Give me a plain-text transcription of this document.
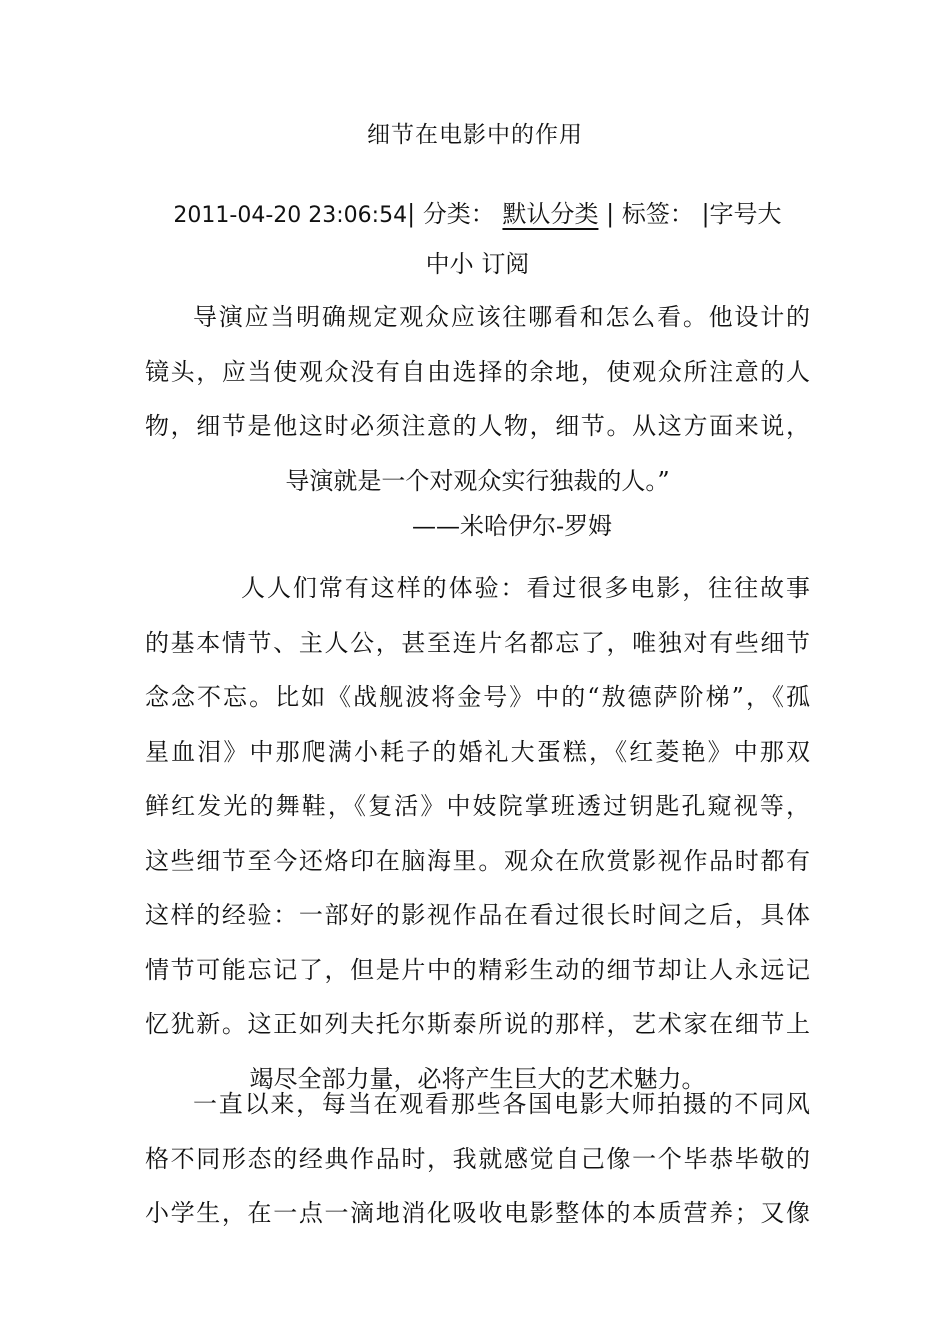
细节在电影中的作用
2011-04-20 23:06:54| 分类： 默认分类 | 标签： |字号大
中小 订阅
导演应当明确规定观众应该往哪看和怎么看。他设计的
镜头，应当使观众没有自由选择的余地，使观众所注意的人
物，细节是他这时必须注意的人物，细节。从这方面来说，
导演就是一个对观众实行独裁的人。”
——米哈伊尔-罗姆
人人们常有这样的体验：看过很多电影，往往故事
的基本情节、主人公，甚至连片名都忘了，唯独对有些细节
念念不忘。比如《战舰波将金号》中的“敖德萨阶梯”，《孤
星血泪》中那爬满小耗子的婚礼大蛋糕，《红菱艳》中那双
鲜红发光的舞鞋，《复活》中妓院掌班透过钥匙孔窥视等，
这些细节至今还烙印在脑海里。观众在欣赏影视作品时都有
这样的经验：一部好的影视作品在看过很长时间之后，具体
情节可能忘记了，但是片中的精彩生动的细节却让人永远记
忆犹新。这正如列夫托尔斯泰所说的那样，艺术家在细节上
竭尽全部力量，必将产生巨大的艺术魅力。
一直以来，每当在观看那些各国电影大师拍摄的不同风
格不同形态的经典作品时，我就感觉自己像一个毕恭毕敬的
小学生，在一点一滴地消化吸收电影整体的本质营养；又像
